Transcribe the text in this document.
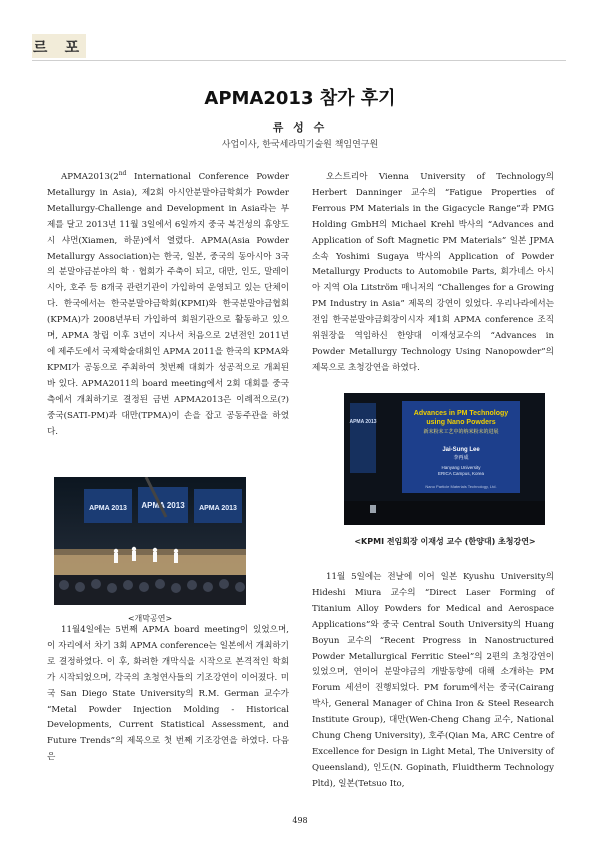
르 포
APMA2013 참가 후기
류 성 수
사업이사, 한국세라믹기술원 책임연구원

APMA2013(2nd International Conference Powder Metallurgy in Asia), 제2회 아시안분말야금학회가 Powder Metallurgy-Challenge and Development in Asia라는 부제를 달고 2013년 11월 3일에서 6일까지 중국 복건성의 휴양도시 샤먼(Xiamen, 하문)에서 열렸다. APMA(Asia Powder Metallurgy Association)는 한국, 일본, 중국의 동아시아 3국의 분말야금분야의 학 · 협회가 주축이 되고, 대만, 인도, 말레이시아, 호주 등 8개국 관련기관이 가입하여 운영되고 있는 단체이다. 한국에서는 한국분말야금학회(KPMI)와 한국분말야금협회(KPMA)가 2008년부터 가입하여 회원기관으로 활동하고 있으며, APMA 창립 이후 3년이 지나서 처음으로 2년전인 2011년에 제주도에서 국제학술대회인 APMA 2011을 한국의 KPMA와 KPMI가 공동으로 주최하여 첫번째 대회가 성공적으로 개최된 바 있다. APMA2011의 board meeting에서 2회 대회를 중국측에서 개최하기로 결정된 금번 APMA2013은 이례적으로(?) 중국(SATI-PM)과 대만(TPMA)이 손을 잡고 공동주관을 하였다.

APMA 2013 APMA 2013 APMA 2013
<개막공연>

11월4일에는 5번째 APMA board meeting이 있었으며, 이 자리에서 차기 3회 APMA conference는 일본에서 개최하기로 결정하였다. 이 후, 화려한 개막식을 시작으로 본격적인 학회가 시작되었으며, 각국의 초청연사들의 기조강연이 이어졌다. 미국 San Diego State University의 R.M. German 교수가 “Metal Powder Injection Molding - Historical Developments, Current Statistical Assessment, and Future Trends”의 제목으로 첫 번째 기조강연을 하였다. 다음은

오스트리아 Vienna University of Technology의 Herbert Danninger 교수의 “Fatigue Properties of Ferrous PM Materials in the Gigacycle Range”과 PMG Holding GmbH의 Michael Krehl 박사의 “Advances and Application of Soft Magnetic PM Materials” 일본 JPMA 소속 Yoshimi Sugaya 박사의 Application of Powder Metallurgy Products to Automobile Parts, 회가네스 아시아 지역 Ola Litström 매니저의 “Challenges for a Growing PM Industry in Asia” 제목의 강연이 있었다. 우리나라에서는 전임 한국분말야금회장이시자 제1회 APMA conference 조직위원장을 역임하신 한양대 이재성교수의 “Advances in Powder Metallurgy Technology Using Nanopowder”의 제목으로 초청강연을 하였다.

APMA 2013
Advances in PM Technology
using Nano Powders
新末粉末工艺中的纳米粉末的进展
Jai-Sung Lee
李再成
Hanyang University
ERICA Campus, Korea
Nano Particle Materials Technology, Ltd.
<KPMI 전임회장 이재성 교수 (한양대) 초청강연>

11월 5일에는 전날에 이어 일본 Kyushu University의 Hideshi Miura 교수의 “Direct Laser Forming of Titanium Alloy Powders for Medical and Aerospace Applications”와 중국 Central South University의 Huang Boyun 교수의 “Recent Progress in Nanostructured Powder Metallurgical Ferritic Steel”의 2편의 초청강연이 있었으며, 연이어 분말야금의 개발동향에 대해 소개하는 PM Forum 세션이 진행되었다. PM forum에서는 중국(Cairang 박사, General Manager of China Iron & Steel Research Institute Group), 대만(Wen-Cheng Chang 교수, National Chung Cheng University), 호주(Qian Ma, ARC Centre of Excellence for Design in Light Metal, The University of Queensland), 인도(N. Gopinath, Fluidtherm Technology Pltd), 일본(Tetsuo Ito,

498
